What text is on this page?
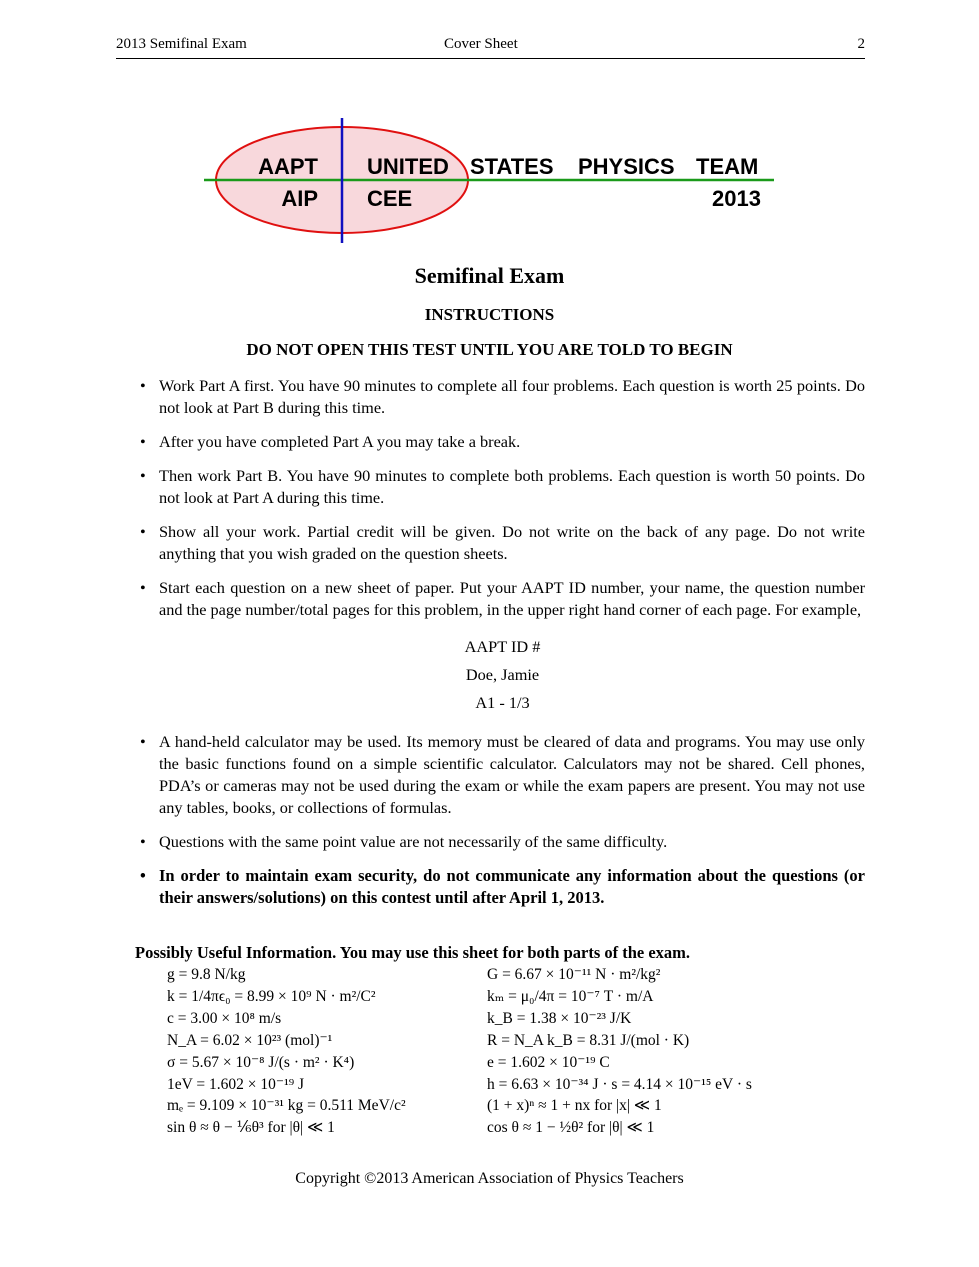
2013 Semifinal Exam	Cover Sheet	2
AAPT
AIP
UNITED
CEE
STATES PHYSICS TEAM
2013
Semifinal Exam
INSTRUCTIONS
DO NOT OPEN THIS TEST UNTIL YOU ARE TOLD TO BEGIN
• Work Part A first. You have 90 minutes to complete all four problems. Each question is worth 25 points. Do not look at Part B during this time.
• After you have completed Part A you may take a break.
• Then work Part B. You have 90 minutes to complete both problems. Each question is worth 50 points. Do not look at Part A during this time.
• Show all your work. Partial credit will be given. Do not write on the back of any page. Do not write anything that you wish graded on the question sheets.
• Start each question on a new sheet of paper. Put your AAPT ID number, your name, the question number and the page number/total pages for this problem, in the upper right hand corner of each page. For example,
AAPT ID #
Doe, Jamie
A1 - 1/3
• A hand-held calculator may be used. Its memory must be cleared of data and programs. You may use only the basic functions found on a simple scientific calculator. Calculators may not be shared. Cell phones, PDA’s or cameras may not be used during the exam or while the exam papers are present. You may not use any tables, books, or collections of formulas.
• Questions with the same point value are not necessarily of the same difficulty.
• In order to maintain exam security, do not communicate any information about the questions (or their answers/solutions) on this contest until after April 1, 2013.
Possibly Useful Information. You may use this sheet for both parts of the exam.
g = 9.8 N/kg	G = 6.67 × 10⁻¹¹ N · m²/kg²
k = 1/4πϵ₀ = 8.99 × 10⁹ N · m²/C²	kₘ = μ₀/4π = 10⁻⁷ T · m/A
c = 3.00 × 10⁸ m/s	k_B = 1.38 × 10⁻²³ J/K
N_A = 6.02 × 10²³ (mol)⁻¹	R = N_A k_B = 8.31 J/(mol · K)
σ = 5.67 × 10⁻⁸ J/(s · m² · K⁴)	e = 1.602 × 10⁻¹⁹ C
1eV = 1.602 × 10⁻¹⁹ J	h = 6.63 × 10⁻³⁴ J · s = 4.14 × 10⁻¹⁵ eV · s
mₑ = 9.109 × 10⁻³¹ kg = 0.511 MeV/c²	(1 + x)ⁿ ≈ 1 + nx for |x| ≪ 1
sin θ ≈ θ − ⅙θ³ for |θ| ≪ 1	cos θ ≈ 1 − ½θ² for |θ| ≪ 1
Copyright ©2013 American Association of Physics Teachers
